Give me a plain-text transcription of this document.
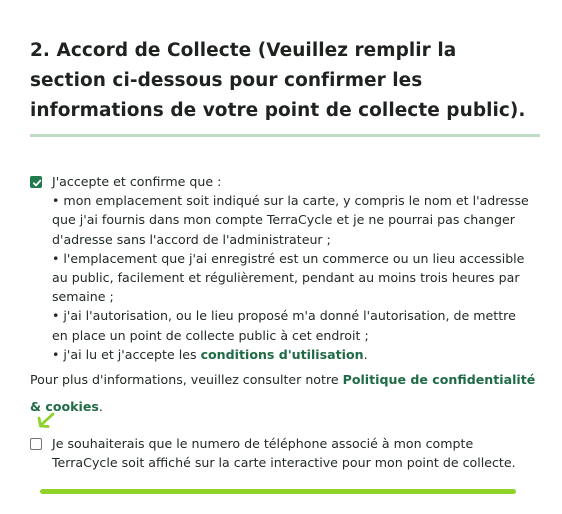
2. Accord de Collecte (Veuillez remplir la section ci-dessous pour confirmer les informations de votre point de collecte public).
J'accepte et confirme que :
• mon emplacement soit indiqué sur la carte, y compris le nom et l'adresse que j'ai fournis dans mon compte TerraCycle et je ne pourrai pas changer d'adresse sans l'accord de l'administrateur ;
• l'emplacement que j'ai enregistré est un commerce ou un lieu accessible au public, facilement et régulièrement, pendant au moins trois heures par semaine ;
• j'ai l'autorisation, ou le lieu proposé m'a donné l'autorisation, de mettre en place un point de collecte public à cet endroit ;
• j'ai lu et j'accepte les conditions d'utilisation.
Pour plus d'informations, veuillez consulter notre Politique de confidentialité & cookies.
Je souhaiterais que le numero de téléphone associé à mon compte TerraCycle soit affiché sur la carte interactive pour mon point de collecte.
